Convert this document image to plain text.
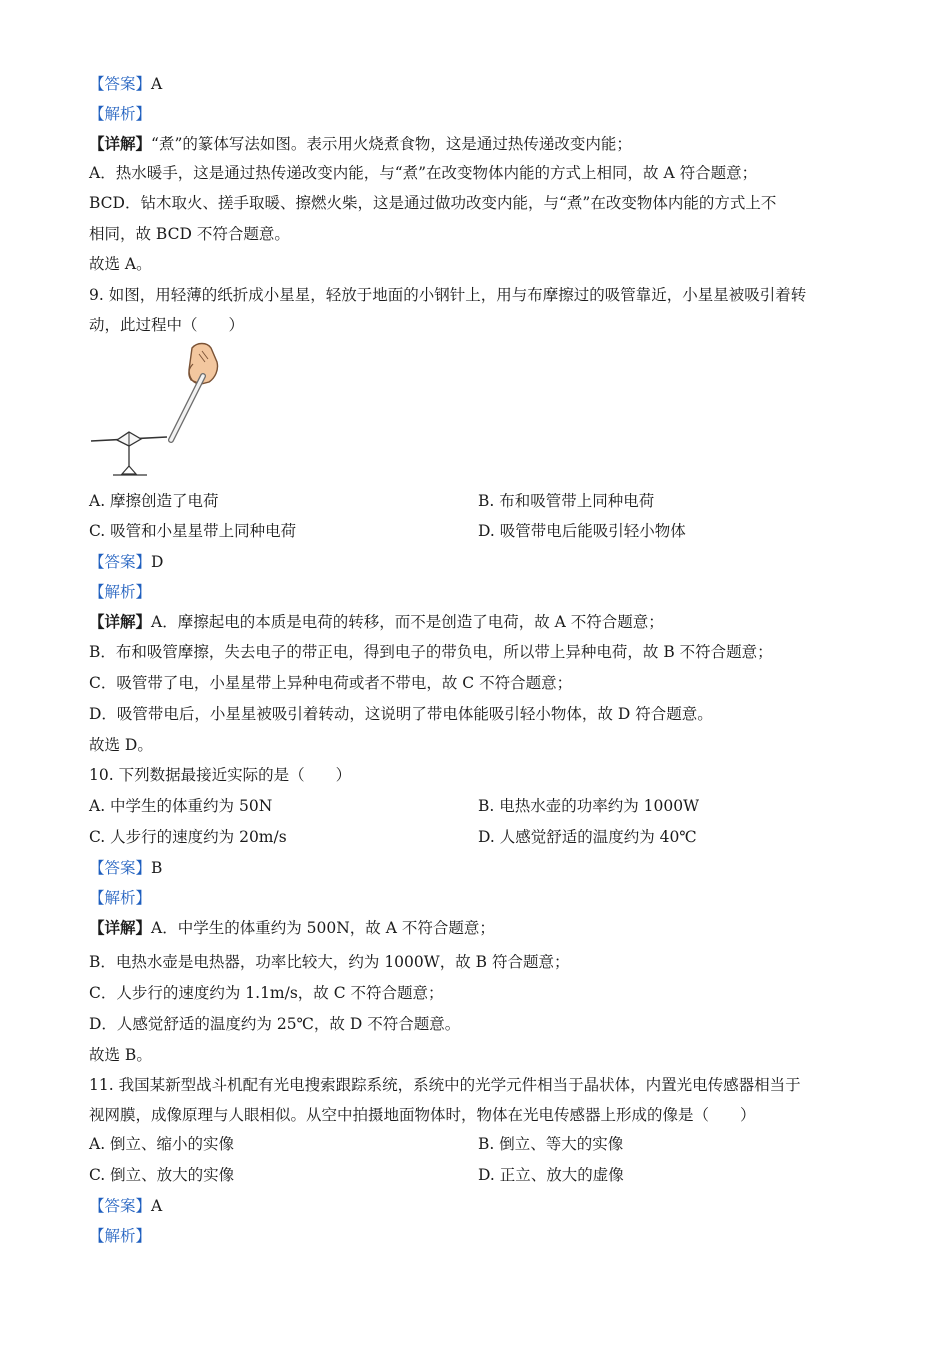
【答案】A
【解析】
【详解】“煮”的篆体写法如图。表示用火烧煮食物，这是通过热传递改变内能；
A．热水暖手，这是通过热传递改变内能，与“煮”在改变物体内能的方式上相同，故 A 符合题意；
BCD．钻木取火、搓手取暖、擦燃火柴，这是通过做功改变内能，与“煮”在改变物体内能的方式上不
相同，故 BCD 不符合题意。
故选 A。
9. 如图，用轻薄的纸折成小星星，轻放于地面的小钢针上，用与布摩擦过的吸管靠近，小星星被吸引着转
动，此过程中（　　）
A. 摩擦创造了电荷	B. 布和吸管带上同种电荷
C. 吸管和小星星带上同种电荷	D. 吸管带电后能吸引轻小物体
【答案】D
【解析】
【详解】A．摩擦起电的本质是电荷的转移，而不是创造了电荷，故 A 不符合题意；
B．布和吸管摩擦，失去电子的带正电，得到电子的带负电，所以带上异种电荷，故 B 不符合题意；
C．吸管带了电，小星星带上异种电荷或者不带电，故 C 不符合题意；
D．吸管带电后，小星星被吸引着转动，这说明了带电体能吸引轻小物体，故 D 符合题意。
故选 D。
10. 下列数据最接近实际的是（　　）
A. 中学生的体重约为 50N	B. 电热水壶的功率约为 1000W
C. 人步行的速度约为 20m/s	D. 人感觉舒适的温度约为 40℃
【答案】B
【解析】
【详解】A．中学生的体重约为 500N，故 A 不符合题意；
B．电热水壶是电热器，功率比较大，约为 1000W，故 B 符合题意；
C．人步行的速度约为 1.1m/s，故 C 不符合题意；
D．人感觉舒适的温度约为 25℃，故 D 不符合题意。
故选 B。
11. 我国某新型战斗机配有光电搜索跟踪系统，系统中的光学元件相当于晶状体，内置光电传感器相当于
视网膜，成像原理与人眼相似。从空中拍摄地面物体时，物体在光电传感器上形成的像是（　　）
A. 倒立、缩小的实像	B. 倒立、等大的实像
C. 倒立、放大的实像	D. 正立、放大的虚像
【答案】A
【解析】
